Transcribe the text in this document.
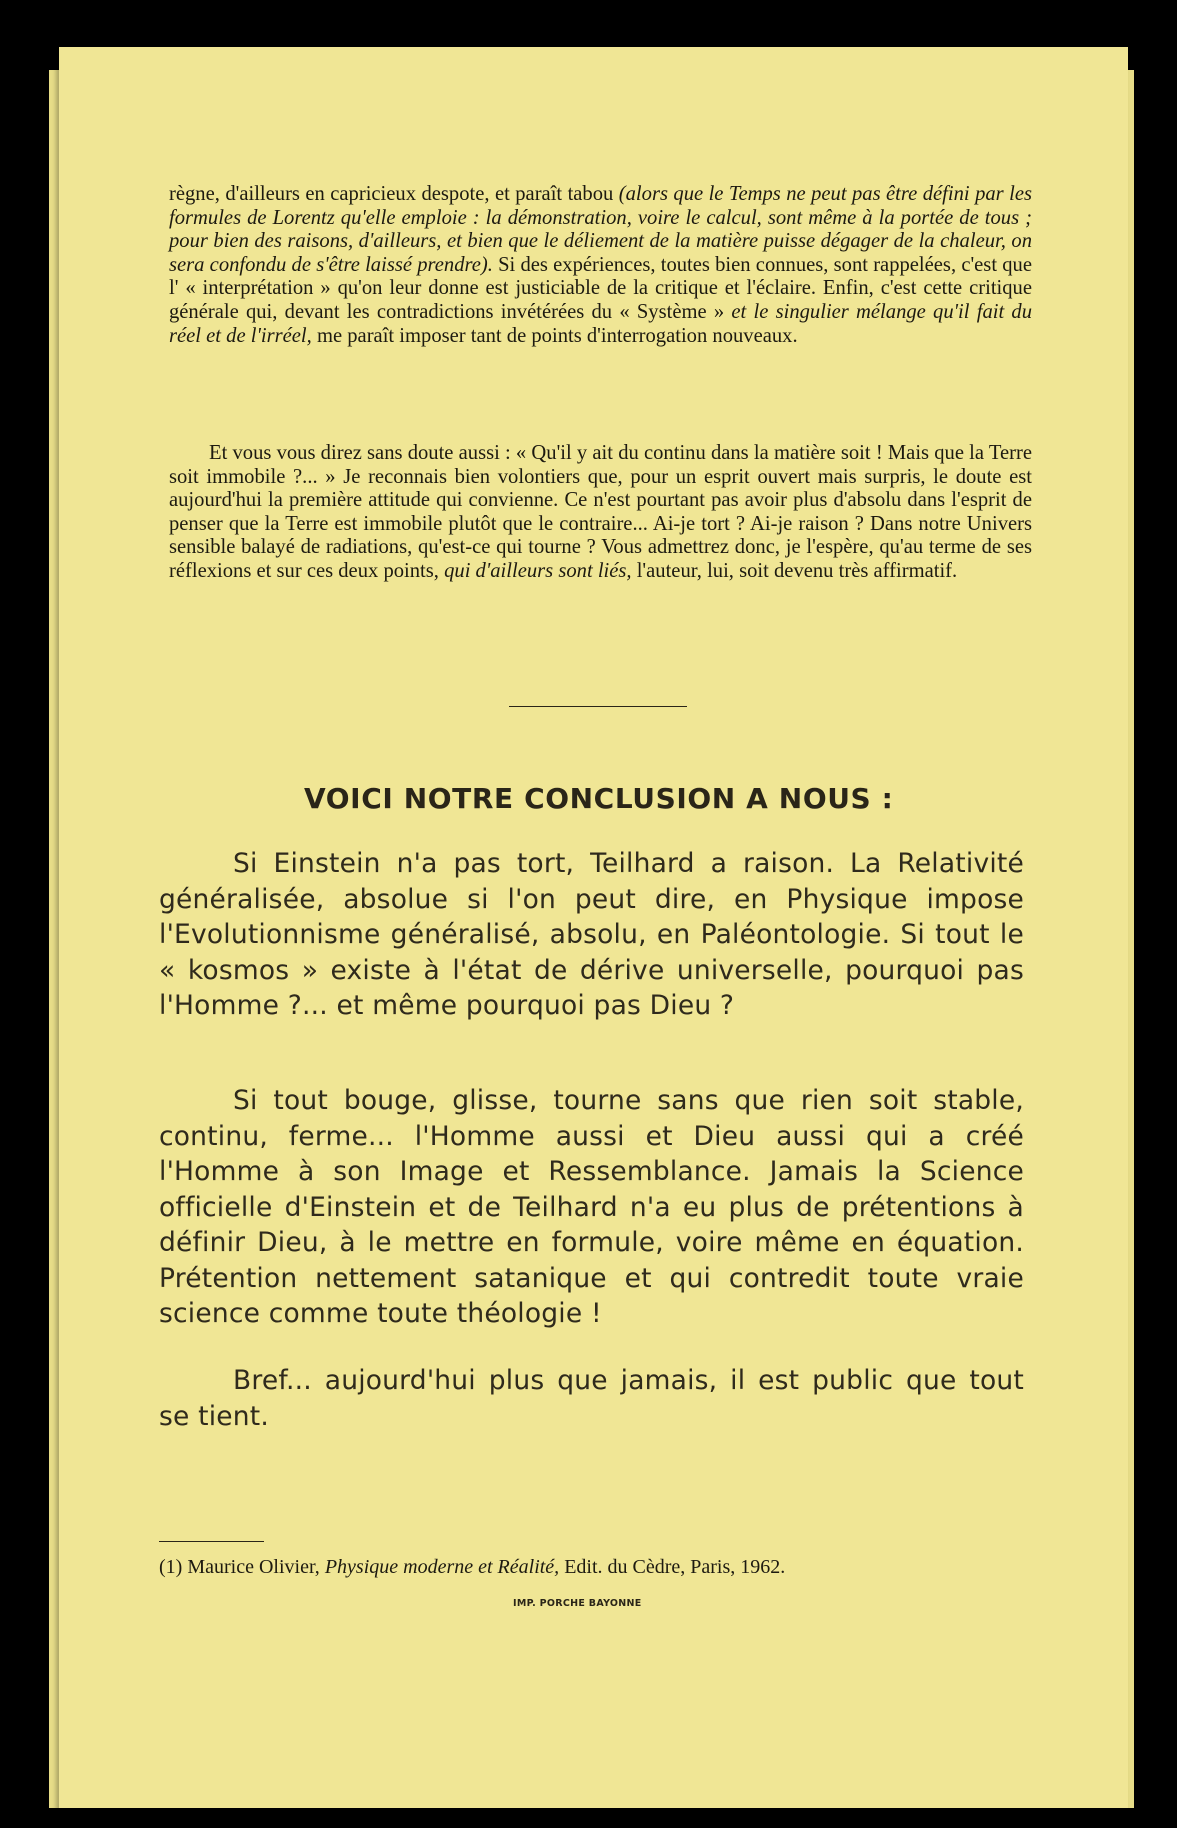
règne, d'ailleurs en capricieux despote, et paraît tabou (alors que le Temps ne peut pas être défini par les formules de Lorentz qu'elle emploie : la démonstration, voire le calcul, sont même à la portée de tous ; pour bien des raisons, d'ailleurs, et bien que le déliement de la matière puisse dégager de la chaleur, on sera confondu de s'être laissé prendre). Si des expériences, toutes bien connues, sont rappelées, c'est que l' « interprétation » qu'on leur donne est justiciable de la critique et l'éclaire. Enfin, c'est cette critique générale qui, devant les contradictions invétérées du « Système » et le singulier mélange qu'il fait du réel et de l'irréel, me paraît imposer tant de points d'interrogation nouveaux.

Et vous vous direz sans doute aussi : « Qu'il y ait du continu dans la matière soit ! Mais que la Terre soit immobile ?... » Je reconnais bien volontiers que, pour un esprit ouvert mais surpris, le doute est aujourd'hui la première attitude qui convienne. Ce n'est pourtant pas avoir plus d'absolu dans l'esprit de penser que la Terre est immobile plutôt que le contraire... Ai-je tort ? Ai-je raison ? Dans notre Univers sensible balayé de radiations, qu'est-ce qui tourne ? Vous admettrez donc, je l'espère, qu'au terme de ses réflexions et sur ces deux points, qui d'ailleurs sont liés, l'auteur, lui, soit devenu très affirmatif.

VOICI NOTRE CONCLUSION A NOUS :

Si Einstein n'a pas tort, Teilhard a raison. La Relativité généralisée, absolue si l'on peut dire, en Physique impose l'Evolutionnisme généralisé, absolu, en Paléontologie. Si tout le « kosmos » existe à l'état de dérive universelle, pourquoi pas l'Homme ?... et même pourquoi pas Dieu ?

Si tout bouge, glisse, tourne sans que rien soit stable, continu, ferme... l'Homme aussi et Dieu aussi qui a créé l'Homme à son Image et Ressemblance. Jamais la Science officielle d'Einstein et de Teilhard n'a eu plus de prétentions à définir Dieu, à le mettre en formule, voire même en équation. Prétention nettement satanique et qui contredit toute vraie science comme toute théologie !

Bref... aujourd'hui plus que jamais, il est public que tout se tient.

(1) Maurice Olivier, Physique moderne et Réalité, Edit. du Cèdre, Paris, 1962.
IMP. PORCHE BAYONNE
